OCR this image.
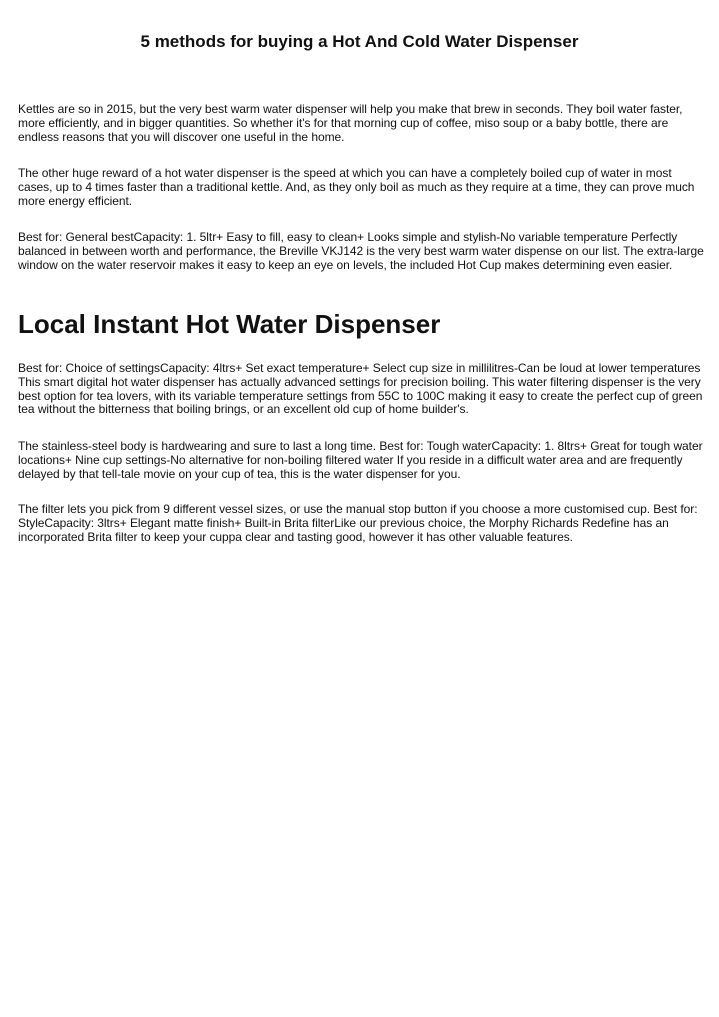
5 methods for buying a Hot And Cold Water Dispenser

Kettles are so in 2015, but the very best warm water dispenser will help you make that brew in seconds. They boil water faster, more efficiently, and in bigger quantities. So whether it's for that morning cup of coffee, miso soup or a baby bottle, there are endless reasons that you will discover one useful in the home.

The other huge reward of a hot water dispenser is the speed at which you can have a completely boiled cup of water in most cases, up to 4 times faster than a traditional kettle. And, as they only boil as much as they require at a time, they can prove much more energy efficient.

Best for: General bestCapacity: 1. 5ltr+ Easy to fill, easy to clean+ Looks simple and stylish-No variable temperature Perfectly balanced in between worth and performance, the Breville VKJ142 is the very best warm water dispense on our list. The extra-large window on the water reservoir makes it easy to keep an eye on levels, the included Hot Cup makes determining even easier.

Local Instant Hot Water Dispenser

Best for: Choice of settingsCapacity: 4ltrs+ Set exact temperature+ Select cup size in millilitres-Can be loud at lower temperatures This smart digital hot water dispenser has actually advanced settings for precision boiling. This water filtering dispenser is the very best option for tea lovers, with its variable temperature settings from 55C to 100C making it easy to create the perfect cup of green tea without the bitterness that boiling brings, or an excellent old cup of home builder's.

The stainless-steel body is hardwearing and sure to last a long time. Best for: Tough waterCapacity: 1. 8ltrs+ Great for tough water locations+ Nine cup settings-No alternative for non-boiling filtered water If you reside in a difficult water area and are frequently delayed by that tell-tale movie on your cup of tea, this is the water dispenser for you.

The filter lets you pick from 9 different vessel sizes, or use the manual stop button if you choose a more customised cup. Best for: StyleCapacity: 3ltrs+ Elegant matte finish+ Built-in Brita filterLike our previous choice, the Morphy Richards Redefine has an incorporated Brita filter to keep your cuppa clear and tasting good, however it has other valuable features.
